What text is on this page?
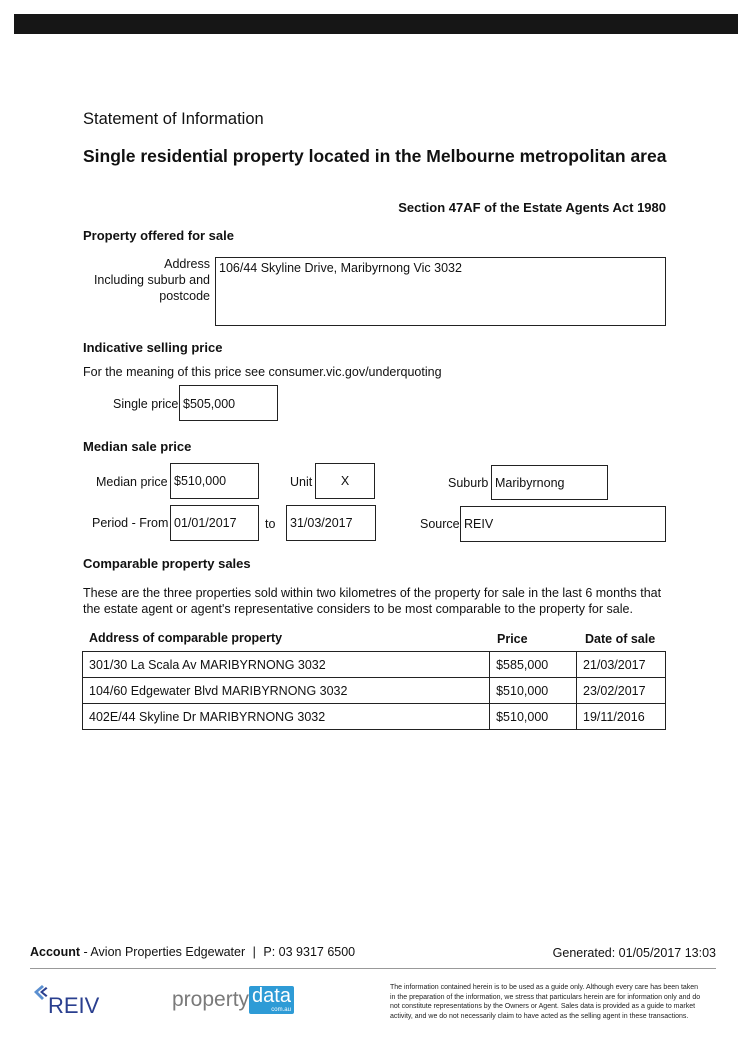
Statement of Information
Single residential property located in the Melbourne metropolitan area
Section 47AF of the Estate Agents Act 1980
Property offered for sale
Address
Including suburb and
postcode
106/44 Skyline Drive, Maribyrnong Vic 3032
Indicative selling price
For the meaning of this price see consumer.vic.gov/underquoting
Single price $505,000
Median sale price
Median price $510,000	Unit	X	Suburb Maribyrnong
Period - From 01/01/2017	to	31/03/2017	Source REIV
Comparable property sales
These are the three properties sold within two kilometres of the property for sale in the last 6 months that the estate agent or agent's representative considers to be most comparable to the property for sale.
Address of comparable property	Price	Date of sale
301/30 La Scala Av MARIBYRNONG 3032	$585,000	21/03/2017
104/60 Edgewater Blvd MARIBYRNONG 3032	$510,000	23/02/2017
402E/44 Skyline Dr MARIBYRNONG 3032	$510,000	19/11/2016
Account - Avion Properties Edgewater | P: 03 9317 6500	Generated: 01/05/2017 13:03
REIV	property data
com.au
The information contained herein is to be used as a guide only. Although every care has been taken
in the preparation of the information, we stress that particulars herein are for information only and do
not constitute representations by the Owners or Agent. Sales data is provided as a guide to market
activity, and we do not necessarily claim to have acted as the selling agent in these transactions.
